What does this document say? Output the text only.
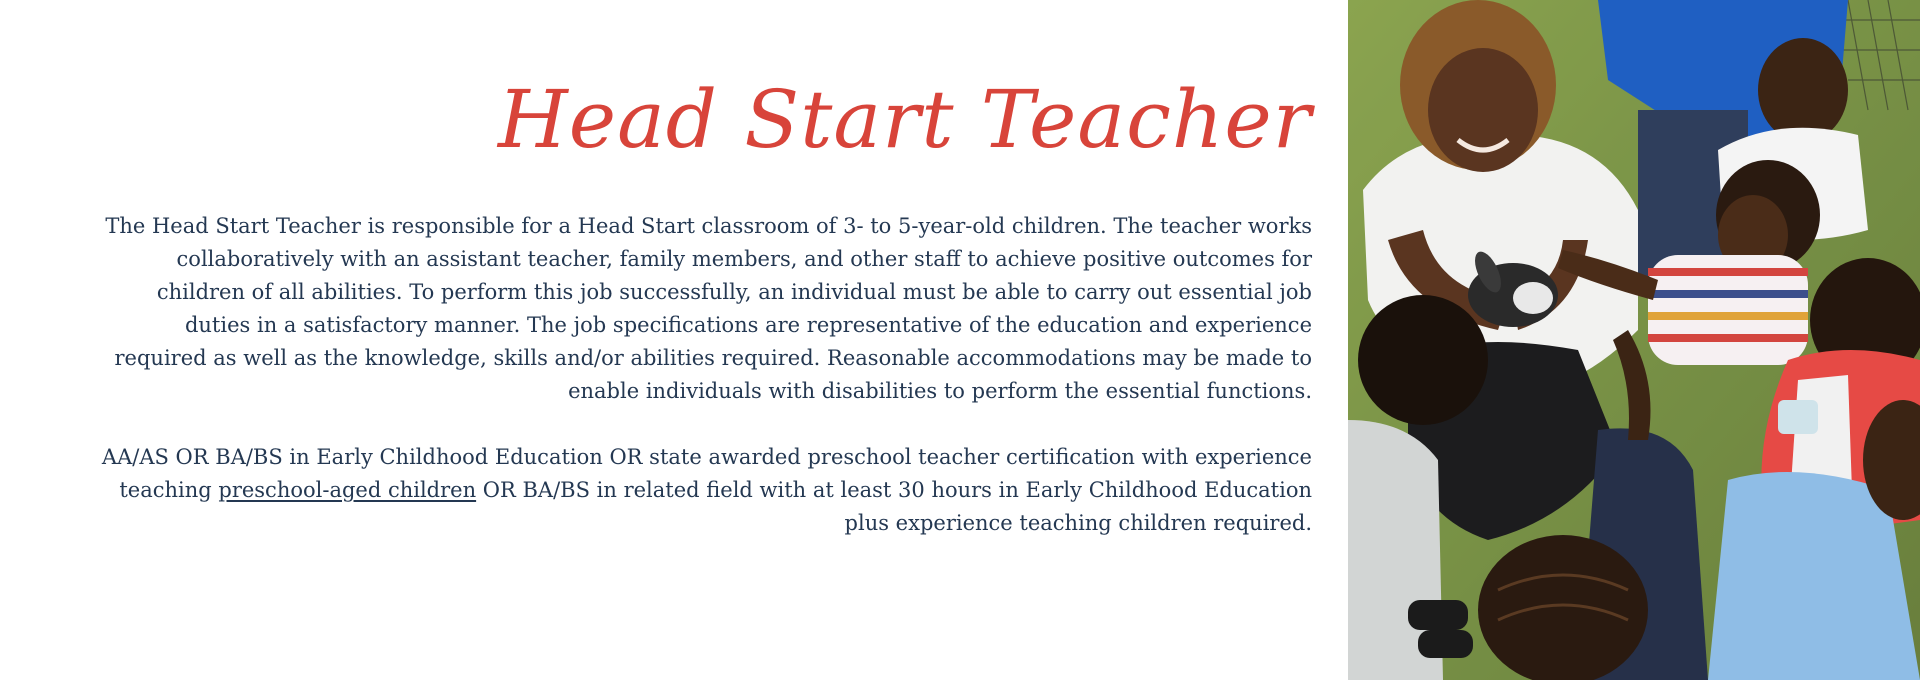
Head Start Teacher

The Head Start Teacher is responsible for a Head Start classroom of 3- to 5-year-old children. The teacher works collaboratively with an assistant teacher, family members, and other staff to achieve positive outcomes for children of all abilities. To perform this job successfully, an individual must be able to carry out essential job duties in a satisfactory manner. The job specifications are representative of the education and experience required as well as the knowledge, skills and/or abilities required. Reasonable accommodations may be made to enable individuals with disabilities to perform the essential functions.

AA/AS OR BA/BS in Early Childhood Education OR state awarded preschool teacher certification with experience teaching preschool-aged children OR BA/BS in related field with at least 30 hours in Early Childhood Education plus experience teaching children required.
